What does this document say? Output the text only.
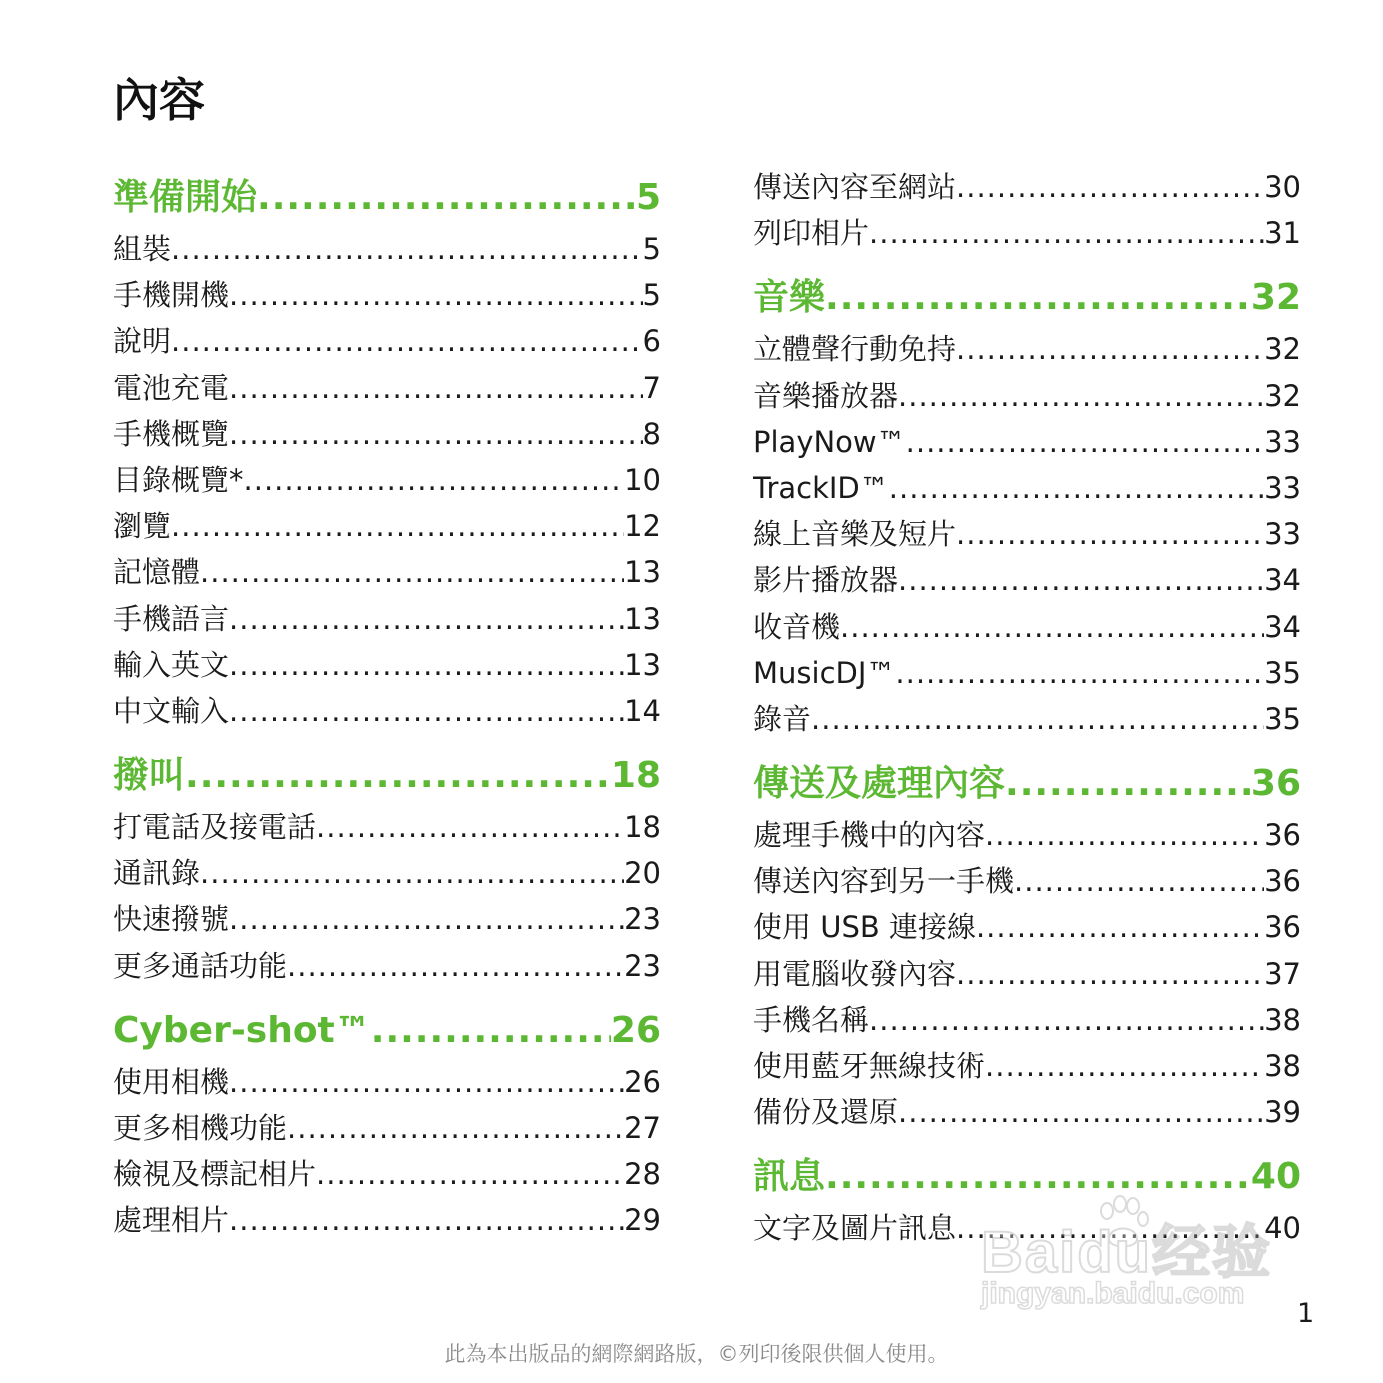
內容
準備開始 .....	5
組裝 .....	5
手機開機 .....	5
說明 .....	6
電池充電 .....	7
手機概覽 .....	8
目錄概覽* .....	10
瀏覽 .....	12
記憶體 .....	13
手機語言 .....	13
輸入英文 .....	13
中文輸入 .....	14
撥叫 .....	18
打電話及接電話 .....	18
通訊錄 .....	20
快速撥號 .....	23
更多通話功能 .....	23
Cyber-shot™ .....	26
使用相機 .....	26
更多相機功能 .....	27
檢視及標記相片 .....	28
處理相片 .....	29
傳送內容至網站 .....	30
列印相片 .....	31
音樂 .....	32
立體聲行動免持 .....	32
音樂播放器 .....	32
PlayNow™ .....	33
TrackID™ .....	33
線上音樂及短片 .....	33
影片播放器 .....	34
收音機 .....	34
MusicDJ™ .....	35
錄音 .....	35
傳送及處理內容 .....	36
處理手機中的內容 .....	36
傳送內容到另一手機 .....	36
使用 USB 連接線 .....	36
用電腦收發內容 .....	37
手機名稱 .....	38
使用藍牙無線技術 .....	38
備份及還原 .....	39
訊息 .....	40
文字及圖片訊息 .....	40
Baidu经验
jingyan.baidu.com
1
此為本出版品的網際網路版，©列印後限供個人使用。
